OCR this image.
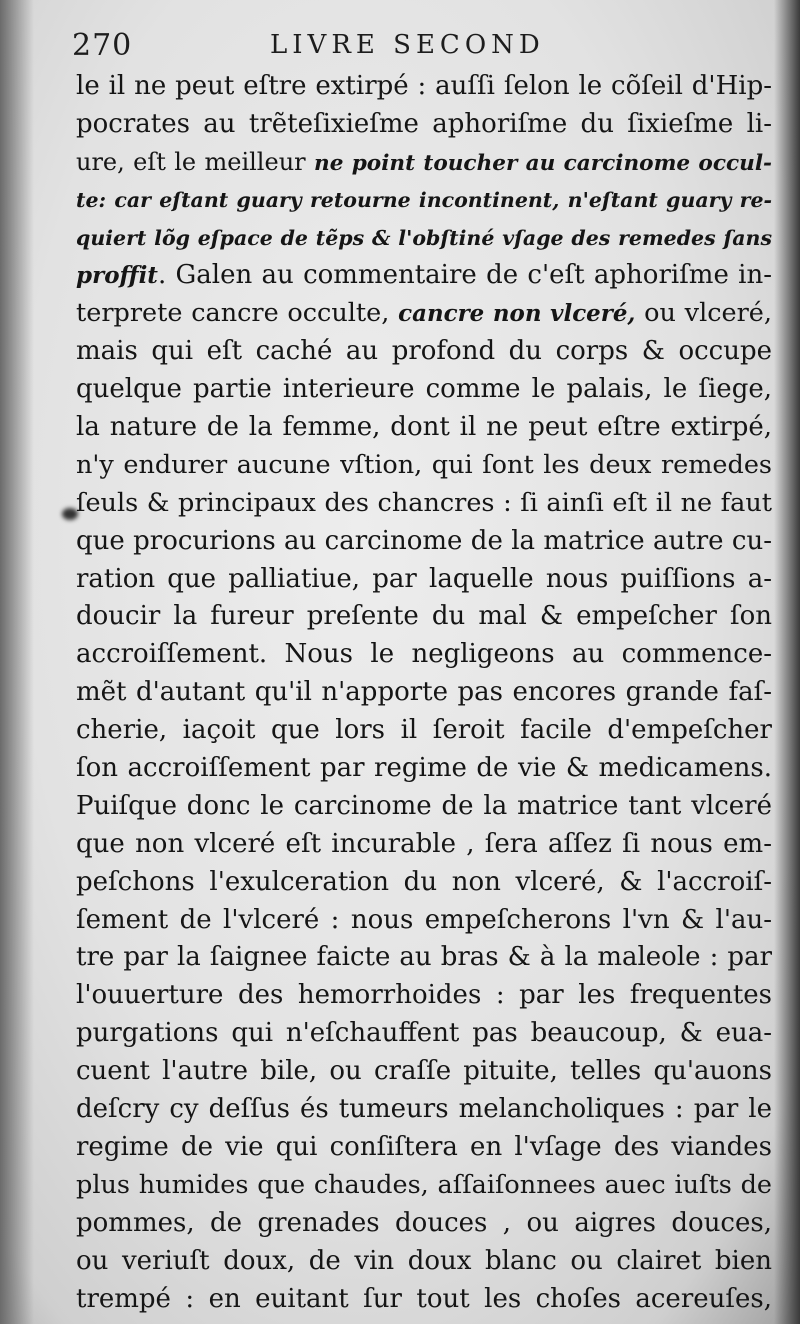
270	LIVRE SECOND
le il ne peut eſtre extirpé : auſſi ſelon le cõſeil d'Hip-
pocrates au trẽteſixieſme aphoriſme du ſixieſme li-
ure, eſt le meilleur ne point toucher au carcinome occul-
te: car eſtant guary retourne incontinent, n'eſtant guary re-
quiert lõg eſpace de tẽps & l'obſtiné vſage des remedes ſans
proffit. Galen au commentaire de c'eſt aphoriſme in-
terprete cancre occulte, cancre non vlceré, ou vlceré,
mais qui eſt caché au profond du corps & occupe
quelque partie interieure comme le palais, le ſiege,
la nature de la femme, dont il ne peut eſtre extirpé,
n'y endurer aucune vſtion, qui ſont les deux remedes
ſeuls & principaux des chancres : ſi ainſi eſt il ne faut
que procurions au carcinome de la matrice autre cu-
ration que palliatiue, par laquelle nous puiſſions a-
doucir la fureur preſente du mal & empeſcher ſon
accroiſſement. Nous le negligeons au commence-
mẽt d'autant qu'il n'apporte pas encores grande faſ-
cherie, iaçoit que lors il ſeroit facile d'empeſcher
ſon accroiſſement par regime de vie & medicamens.
Puiſque donc le carcinome de la matrice tant vlceré
que non vlceré eſt incurable , ſera aſſez ſi nous em-
peſchons l'exulceration du non vlceré, & l'accroiſ-
ſement de l'vlceré : nous empeſcherons l'vn & l'au-
tre par la ſaignee faicte au bras & à la maleole : par
l'ouuerture des hemorrhoides : par les frequentes
purgations qui n'eſchauffent pas beaucoup, & eua-
cuent l'autre bile, ou craſſe pituite, telles qu'auons
deſcry cy deſſus és tumeurs melancholiques : par le
regime de vie qui conſiſtera en l'vſage des viandes
plus humides que chaudes, aſſaiſonnees auec iuſts de
pommes, de grenades douces , ou aigres douces,
ou veriuſt doux, de vin doux blanc ou clairet bien
trempé : en euitant ſur tout les choſes acereuſes,
